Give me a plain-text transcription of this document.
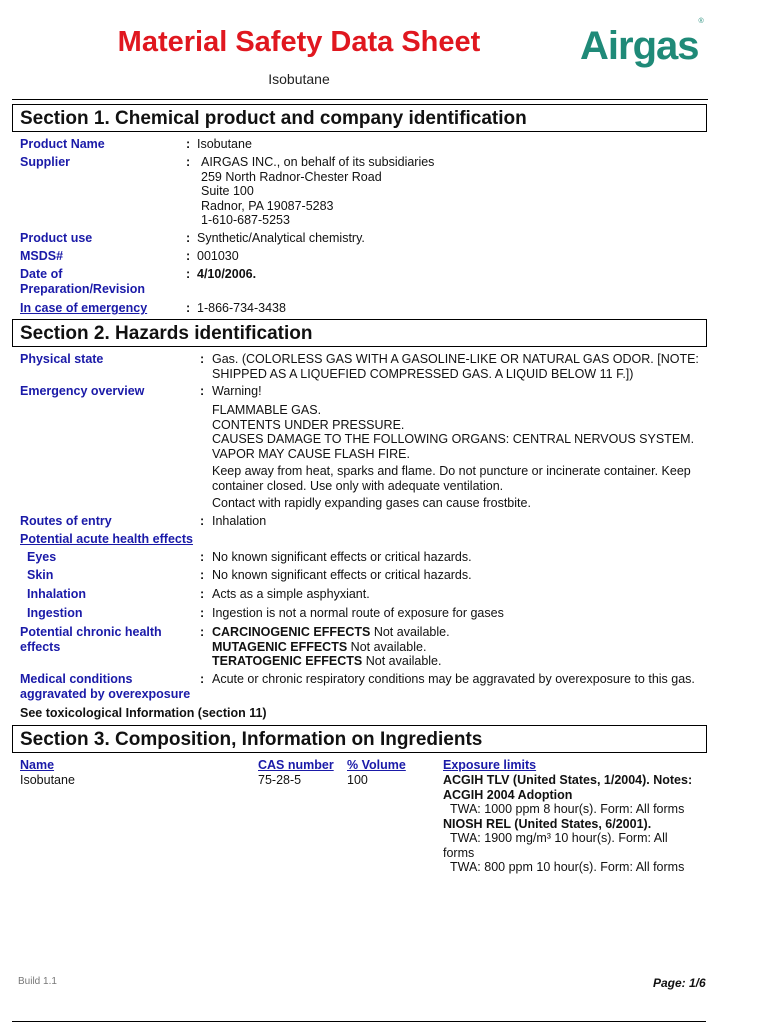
Material Safety Data Sheet
Isobutane
Airgas®
Section 1. Chemical product and company identification
Product Name	: Isobutane
Supplier	: AIRGAS INC., on behalf of its subsidiaries
259 North Radnor-Chester Road
Suite 100
Radnor, PA 19087-5283
1-610-687-5253
Product use	: Synthetic/Analytical chemistry.
MSDS#	: 001030
Date of
Preparation/Revision
: 4/10/2006.
In case of emergency	: 1-866-734-3438
Section 2. Hazards identification
Physical state	: Gas. (COLORLESS GAS WITH A GASOLINE-LIKE OR NATURAL GAS ODOR. [NOTE:
SHIPPED AS A LIQUEFIED COMPRESSED GAS. A LIQUID BELOW 11 F.])
Emergency overview	: Warning!
FLAMMABLE GAS.
CONTENTS UNDER PRESSURE.
CAUSES DAMAGE TO THE FOLLOWING ORGANS: CENTRAL NERVOUS SYSTEM.
VAPOR MAY CAUSE FLASH FIRE.
Keep away from heat, sparks and flame. Do not puncture or incinerate container. Keep
container closed. Use only with adequate ventilation.
Contact with rapidly expanding gases can cause frostbite.
Routes of entry	: Inhalation
Potential acute health effects
Eyes	: No known significant effects or critical hazards.
Skin	: No known significant effects or critical hazards.
Inhalation	: Acts as a simple asphyxiant.
Ingestion	: Ingestion is not a normal route of exposure for gases
Potential chronic health
effects
: CARCINOGENIC EFFECTS Not available.
MUTAGENIC EFFECTS Not available.
TERATOGENIC EFFECTS Not available.
Medical conditions
aggravated by overexposure
: Acute or chronic respiratory conditions may be aggravated by overexposure to this gas.
See toxicological Information (section 11)
Section 3. Composition, Information on Ingredients
Name	CAS number % Volume	Exposure limits
Isobutane	75-28-5	100	ACGIH TLV (United States, 1/2004). Notes:
ACGIH 2004 Adoption
TWA: 1000 ppm 8 hour(s). Form: All forms
NIOSH REL (United States, 6/2001).
TWA: 1900 mg/m³ 10 hour(s). Form: All
forms
TWA: 800 ppm 10 hour(s). Form: All forms
Build 1.1	Page: 1/6
